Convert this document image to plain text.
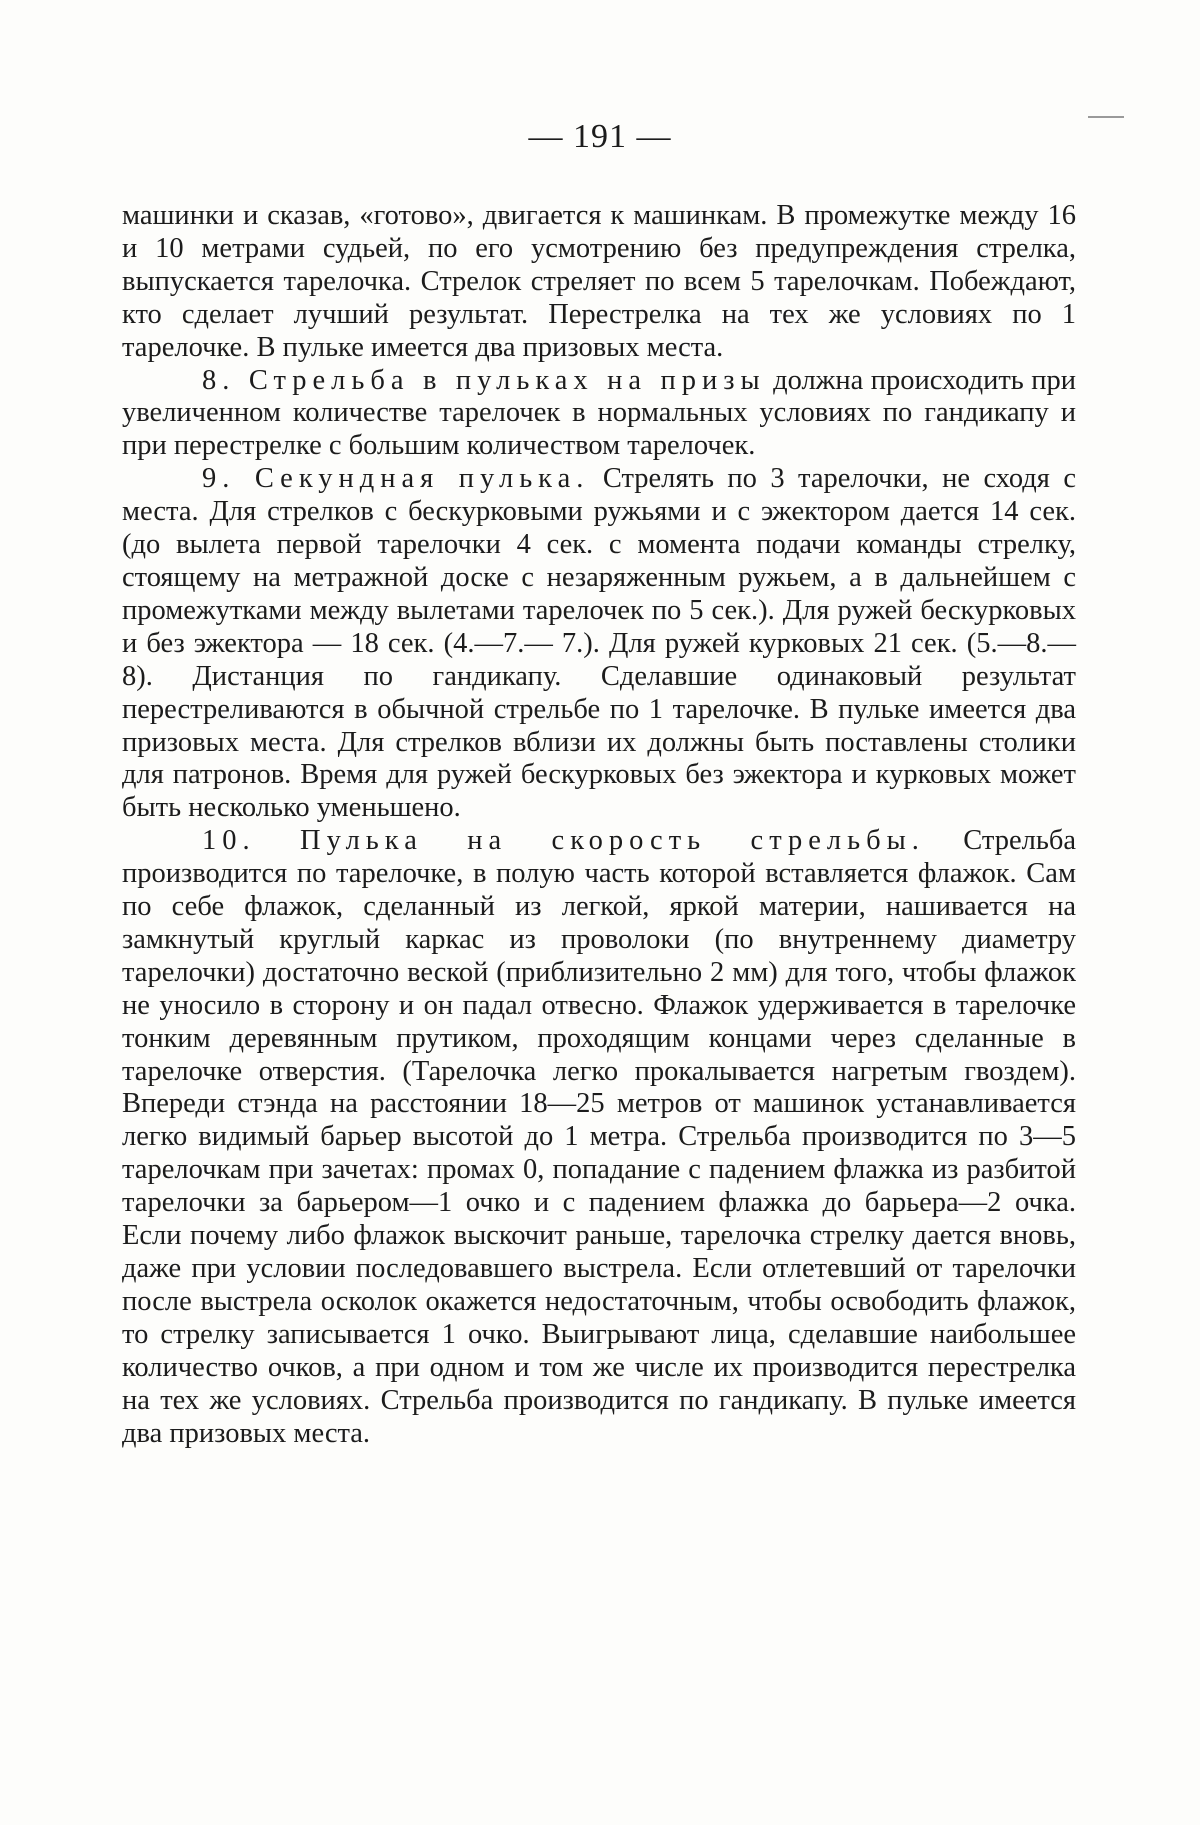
— 191 —

машинки и сказав, «готово», двигается к машинкам. В промежутке между 16 и 10 метрами судьей, по его усмотрению без предупреждения стрелка, выпускается тарелочка. Стрелок стреляет по всем 5 тарелочкам. Побеждают, кто сделает лучший результат. Перестрелка на тех же условиях по 1 тарелочке. В пульке имеется два призовых места.

8. Стрельба в пульках на призы должна происходить при увеличенном количестве тарелочек в нормальных условиях по гандикапу и при перестрелке с большим количеством тарелочек.

9. Секундная пулька. Стрелять по 3 тарелочки, не сходя с места. Для стрелков с бескурковыми ружьями и с эжектором дается 14 сек. (до вылета первой тарелочки 4 сек. с момента подачи команды стрелку, стоящему на метражной доске с незаряженным ружьем, а в дальнейшем с промежутками между вылетами тарелочек по 5 сек.). Для ружей бескурковых и без эжектора — 18 сек. (4.—7.— 7.). Для ружей курковых 21 сек. (5.—8.—8). Дистанция по гандикапу. Сделавшие одинаковый результат перестреливаются в обычной стрельбе по 1 тарелочке. В пульке имеется два призовых места. Для стрелков вблизи их должны быть поставлены столики для патронов. Время для ружей бескурковых без эжектора и курковых может быть несколько уменьшено.

10. Пулька на скорость стрельбы. Стрельба производится по тарелочке, в полую часть которой вставляется флажок. Сам по себе флажок, сделанный из легкой, яркой материи, нашивается на замкнутый круглый каркас из проволоки (по внутреннему диаметру тарелочки) достаточно веской (приблизительно 2 мм) для того, чтобы флажок не уносило в сторону и он падал отвесно. Флажок удерживается в тарелочке тонким деревянным прутиком, проходящим концами через сделанные в тарелочке отверстия. (Тарелочка легко прокалывается нагретым гвоздем). Впереди стэнда на расстоянии 18—25 метров от машинок устанавливается легко видимый барьер высотой до 1 метра. Стрельба производится по 3—5 тарелочкам при зачетах: промах 0, попадание с падением флажка из разбитой тарелочки за барьером—1 очко и с падением флажка до барьера—2 очка. Если почему либо флажок выскочит раньше, тарелочка стрелку дается вновь, даже при условии последовавшего выстрела. Если отлетевший от тарелочки после выстрела осколок окажется недостаточным, чтобы освободить флажок, то стрелку записывается 1 очко. Выигрывают лица, сделавшие наибольшее количество очков, а при одном и том же числе их производится перестрелка на тех же условиях. Стрельба производится по гандикапу. В пульке имеется два призовых места.
